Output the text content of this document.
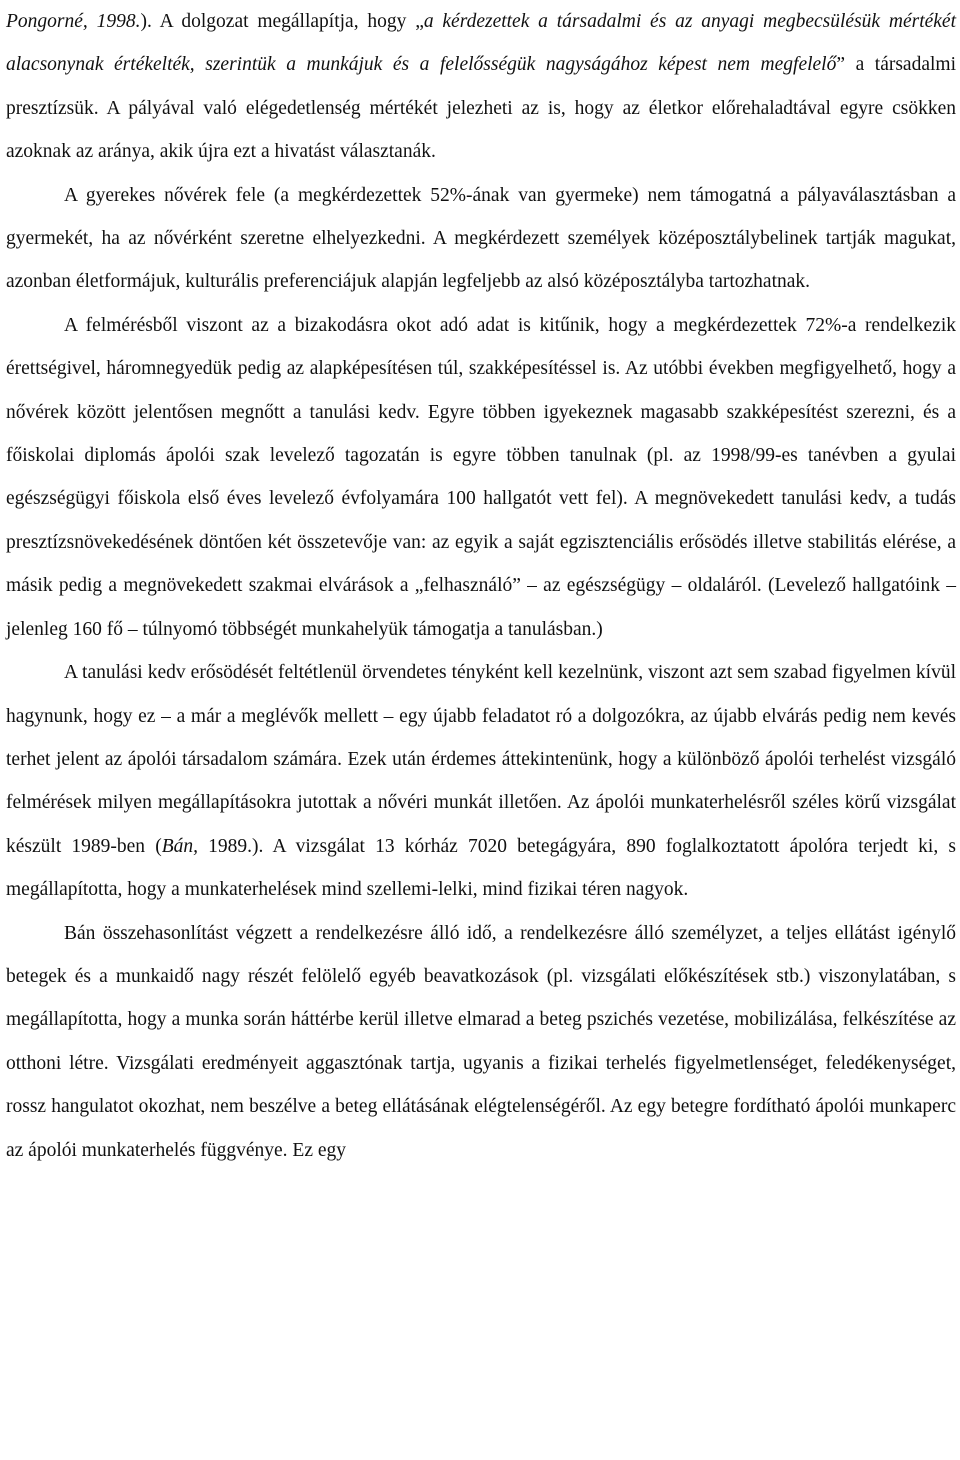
Pongorné, 1998.). A dolgozat megállapítja, hogy „a kérdezettek a társadalmi és az anyagi megbecsülésük mértékét alacsonynak értékelték, szerintük a munkájuk és a felelősségük nagyságához képest nem megfelelő” a társadalmi presztízsük. A pályával való elégedetlenség mértékét jelezheti az is, hogy az életkor előrehaladtával egyre csökken azoknak az aránya, akik újra ezt a hivatást választanák.

A gyerekes nővérek fele (a megkérdezettek 52%-ának van gyermeke) nem támogatná a pályaválasztásban a gyermekét, ha az nővérként szeretne elhelyezkedni. A megkérdezett személyek középosztálybelinek tartják magukat, azonban életformájuk, kulturális preferenciájuk alapján legfeljebb az alsó középosztályba tartozhatnak.

A felmérésből viszont az a bizakodásra okot adó adat is kitűnik, hogy a megkérdezettek 72%-a rendelkezik érettségivel, háromnegyedük pedig az alapképesítésen túl, szakképesítéssel is. Az utóbbi években megfigyelhető, hogy a nővérek között jelentősen megnőtt a tanulási kedv. Egyre többen igyekeznek magasabb szakképesítést szerezni, és a főiskolai diplomás ápolói szak levelező tagozatán is egyre többen tanulnak (pl. az 1998/99-es tanévben a gyulai egészségügyi főiskola első éves levelező évfolyamára 100 hallgatót vett fel). A megnövekedett tanulási kedv, a tudás presztízsnövekedésének döntően két összetevője van: az egyik a saját egzisztenciális erősödés illetve stabilitás elérése, a másik pedig a megnövekedett szakmai elvárások a „felhasználó” – az egészségügy – oldaláról. (Levelező hallgatóink – jelenleg 160 fő – túlnyomó többségét munkahelyük támogatja a tanulásban.)

A tanulási kedv erősödését feltétlenül örvendetes tényként kell kezelnünk, viszont azt sem szabad figyelmen kívül hagynunk, hogy ez – a már a meglévők mellett – egy újabb feladatot ró a dolgozókra, az újabb elvárás pedig nem kevés terhet jelent az ápolói társadalom számára. Ezek után érdemes áttekintenünk, hogy a különböző ápolói terhelést vizsgáló felmérések milyen megállapításokra jutottak a nővéri munkát illetően. Az ápolói munkaterhelésről széles körű vizsgálat készült 1989-ben (Bán, 1989.). A vizsgálat 13 kórház 7020 betegágyára, 890 foglalkoztatott ápolóra terjedt ki, s megállapította, hogy a munkaterhelések mind szellemi-lelki, mind fizikai téren nagyok.

Bán összehasonlítást végzett a rendelkezésre álló idő, a rendelkezésre álló személyzet, a teljes ellátást igénylő betegek és a munkaidő nagy részét felölelő egyéb beavatkozások (pl. vizsgálati előkészítések stb.) viszonylatában, s megállapította, hogy a munka során háttérbe kerül illetve elmarad a beteg pszichés vezetése, mobilizálása, felkészítése az otthoni létre. Vizsgálati eredményeit aggasztónak tartja, ugyanis a fizikai terhelés figyelmetlenséget, feledékenységet, rossz hangulatot okozhat, nem beszélve a beteg ellátásának elégtelenségéről. Az egy betegre fordítható ápolói munkaperc az ápolói munkaterhelés függvénye. Ez egy
